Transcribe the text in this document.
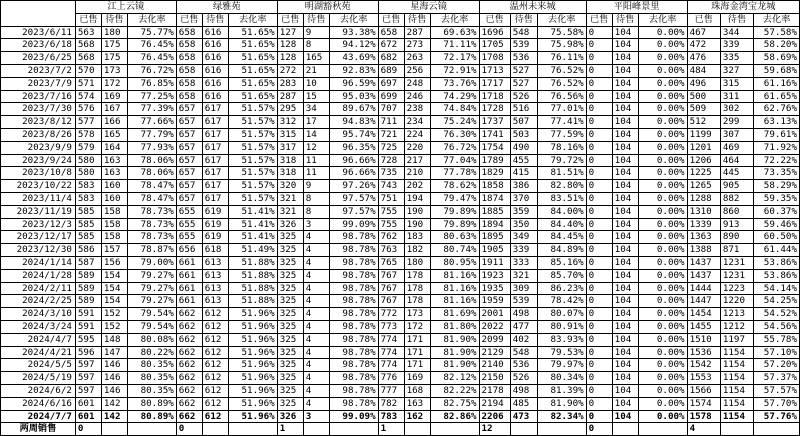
	江上云镜			绿雅苑			明湖豁秋苑			星海云镜			温州未来城			平阳峰景里			珠海金湾宝龙城		
	已售	待售	去化率	已售	待售	去化率	已售	待售	去化率	已售	待售	去化率	已售	待售	去化率	已售	待售	去化率	已售	待售	去化率
2023/6/11	563	180	75.77%	658	616	51.65%	127	9	93.38%	658	287	69.63%	1696	548	75.58%	0	104	0.00%	467	344	57.58%
2023/6/18	568	175	76.45%	658	616	51.65%	128	8	94.12%	672	273	71.11%	1705	539	75.98%	0	104	0.00%	472	339	58.20%
2023/6/25	568	175	76.45%	658	616	51.65%	128	165	43.69%	682	263	72.17%	1708	536	76.11%	0	104	0.00%	476	335	58.69%
2023/7/2	570	173	76.72%	658	616	51.65%	272	21	92.83%	689	256	72.91%	1713	527	76.52%	0	104	0.00%	484	327	59.68%
2023/7/9	571	172	76.85%	658	616	51.65%	283	10	96.59%	697	248	73.76%	1717	527	76.52%	0	104	0.00%	496	315	61.16%
2023/7/16	574	169	77.25%	658	616	51.65%	287	15	95.03%	699	246	74.29%	1718	526	76.56%	0	104	0.00%	500	311	61.65%
2023/7/30	576	167	77.39%	657	617	51.57%	295	34	89.67%	707	238	74.84%	1728	516	77.01%	0	104	0.00%	509	302	62.76%
2023/8/12	577	166	77.66%	657	617	51.57%	312	17	94.83%	711	234	75.24%	1737	507	77.41%	0	104	0.00%	512	299	63.13%
2023/8/26	578	165	77.79%	657	617	51.57%	315	14	95.74%	721	224	76.30%	1741	503	77.59%	0	104	0.00%	1199	307	79.61%
2023/9/9	579	164	77.93%	657	617	51.57%	317	12	96.35%	725	220	76.72%	1754	490	78.16%	0	104	0.00%	1201	469	71.92%
2023/9/24	580	163	78.06%	657	617	51.57%	318	11	96.66%	728	217	77.04%	1789	455	79.72%	0	104	0.00%	1206	464	72.22%
2023/10/8	580	163	78.06%	657	617	51.57%	318	11	96.66%	735	210	77.78%	1829	415	81.51%	0	104	0.00%	1225	445	73.35%
2023/10/22	583	160	78.47%	657	617	51.57%	320	9	97.26%	743	202	78.62%	1858	386	82.80%	0	104	0.00%	1265	905	58.29%
2023/11/4	583	160	78.47%	657	617	51.57%	321	8	97.57%	751	194	79.47%	1874	370	83.51%	0	104	0.00%	1288	882	59.35%
2023/11/19	585	158	78.73%	655	619	51.41%	321	8	97.57%	755	190	79.89%	1885	359	84.00%	0	104	0.00%	1310	860	60.37%
2023/12/3	585	158	78.73%	655	619	51.41%	326	3	99.09%	755	190	79.89%	1894	350	84.40%	0	104	0.00%	1339	913	59.46%
2023/12/17	585	158	78.73%	655	619	51.41%	325	4	98.78%	762	183	80.63%	1895	349	84.45%	0	104	0.00%	1363	890	60.50%
2023/12/30	586	157	78.87%	656	618	51.49%	325	4	98.78%	763	182	80.74%	1905	339	84.89%	0	104	0.00%	1388	871	61.44%
2024/1/14	587	156	79.00%	661	613	51.88%	325	4	98.78%	765	180	80.95%	1911	333	85.16%	0	104	0.00%	1437	1231	53.86%
2024/1/28	589	154	79.27%	661	613	51.88%	325	4	98.78%	767	178	81.16%	1923	321	85.70%	0	104	0.00%	1437	1231	53.86%
2024/2/11	589	154	79.27%	661	613	51.88%	325	4	98.78%	767	178	81.16%	1935	309	86.23%	0	104	0.00%	1444	1223	54.14%
2024/2/25	589	154	79.27%	661	613	51.88%	325	4	98.78%	767	178	81.16%	1959	539	78.42%	0	104	0.00%	1447	1220	54.25%
2024/3/10	591	152	79.54%	662	612	51.96%	325	4	98.78%	772	173	81.69%	2001	498	80.07%	0	104	0.00%	1454	1213	54.52%
2024/3/24	591	152	79.54%	662	612	51.96%	325	4	98.78%	773	172	81.80%	2022	477	80.91%	0	104	0.00%	1455	1212	54.56%
2024/4/7	595	148	80.08%	662	612	51.96%	325	4	98.78%	774	171	81.90%	2099	402	83.93%	0	104	0.00%	1510	1197	55.78%
2024/4/21	596	147	80.22%	662	612	51.96%	325	4	98.78%	774	171	81.90%	2129	548	79.53%	0	104	0.00%	1536	1154	57.10%
2024/5/5	597	146	80.35%	662	612	51.96%	325	4	98.78%	774	171	81.90%	2140	536	79.97%	0	104	0.00%	1542	1154	57.20%
2024/5/19	597	146	80.35%	662	612	51.96%	325	4	98.78%	776	169	82.12%	2150	526	80.34%	0	104	0.00%	1553	1154	57.37%
2024/6/2	597	146	80.35%	662	612	51.96%	325	4	98.78%	777	168	82.22%	2178	498	81.39%	0	104	0.00%	1566	1154	57.57%
2024/6/16	601	142	80.89%	662	612	51.96%	325	4	98.78%	782	163	82.75%	2194	485	81.90%	0	104	0.00%	1574	1154	57.70%
2024/7/7	601	142	80.89%	662	612	51.96%	326	3	99.09%	783	162	82.86%	2206	473	82.34%	0	104	0.00%	1578	1154	57.76%
两周销售	0			0			1			1			12			0			4		
